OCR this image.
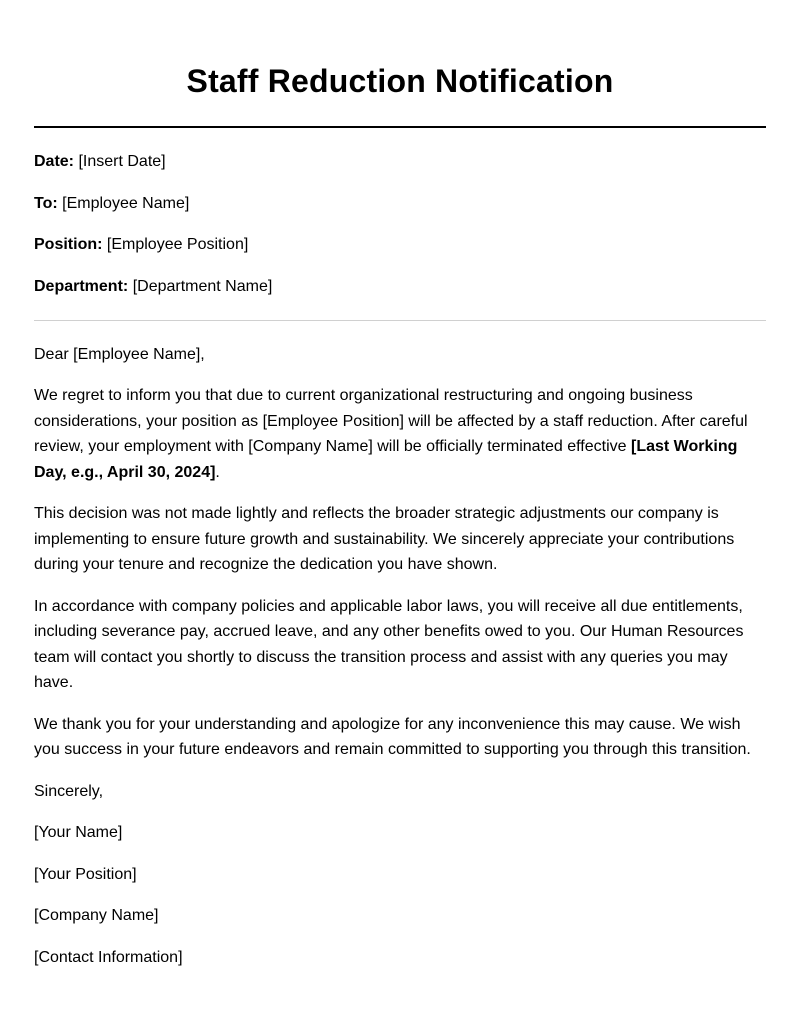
Staff Reduction Notification

Date: [Insert Date]

To: [Employee Name]

Position: [Employee Position]

Department: [Department Name]

Dear [Employee Name],

We regret to inform you that due to current organizational restructuring and ongoing business considerations, your position as [Employee Position] will be affected by a staff reduction. After careful review, your employment with [Company Name] will be officially terminated effective [Last Working Day, e.g., April 30, 2024].

This decision was not made lightly and reflects the broader strategic adjustments our company is implementing to ensure future growth and sustainability. We sincerely appreciate your contributions during your tenure and recognize the dedication you have shown.

In accordance with company policies and applicable labor laws, you will receive all due entitlements, including severance pay, accrued leave, and any other benefits owed to you. Our Human Resources team will contact you shortly to discuss the transition process and assist with any queries you may have.

We thank you for your understanding and apologize for any inconvenience this may cause. We wish you success in your future endeavors and remain committed to supporting you through this transition.

Sincerely,

[Your Name]

[Your Position]

[Company Name]

[Contact Information]
